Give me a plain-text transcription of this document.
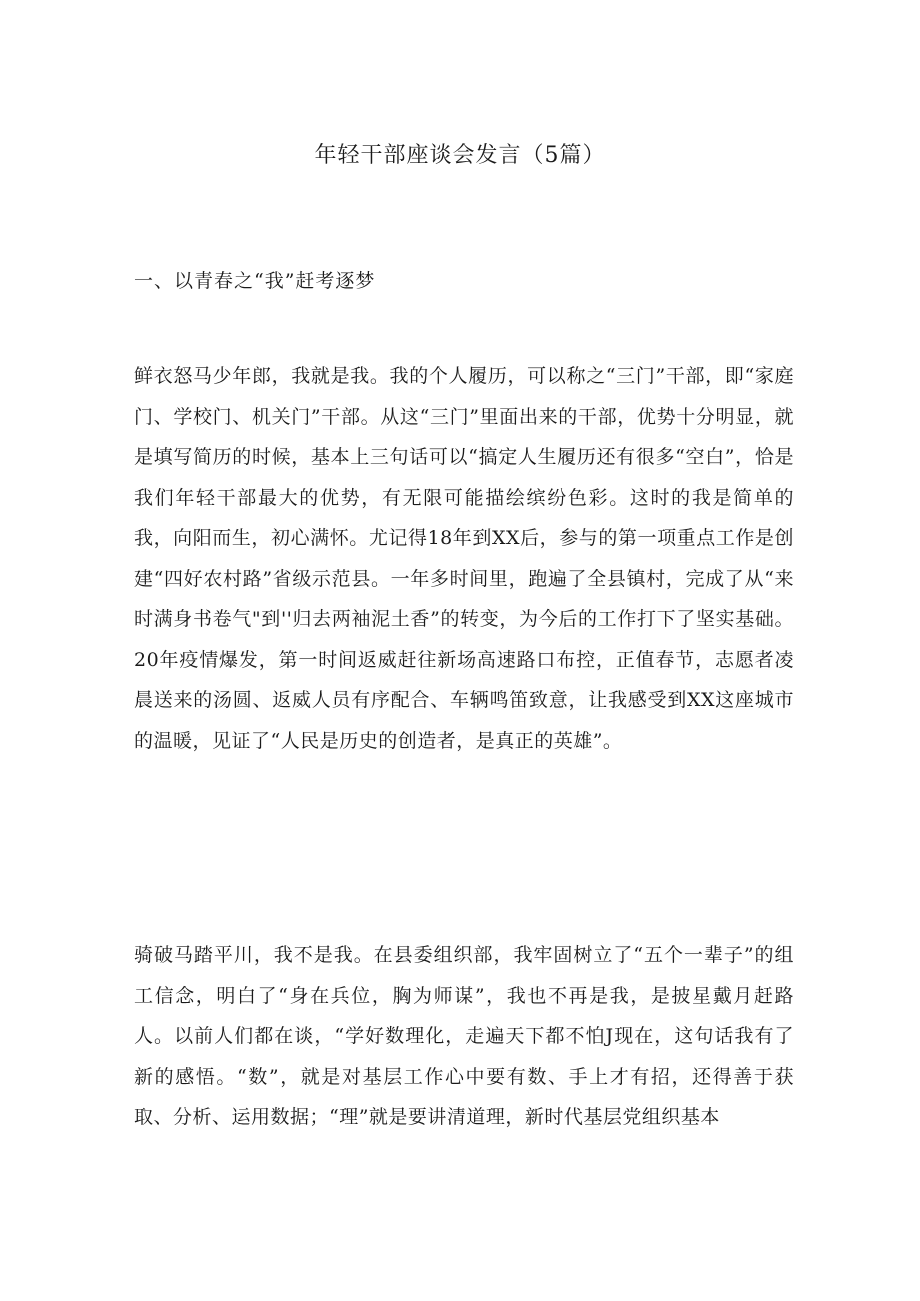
年轻干部座谈会发言（5篇）
一、以青春之“我”赶考逐梦

鲜衣怒马少年郎，我就是我。我的个人履历，可以称之“三门”干部，即“家庭门、学校门、机关门”干部。从这“三门”里面出来的干部，优势十分明显，就是填写简历的时候，基本上三句话可以“搞定人生履历还有很多“空白”，恰是我们年轻干部最大的优势，有无限可能描绘缤纷色彩。这时的我是简单的我，向阳而生，初心满怀。尤记得18年到XX后，参与的第一项重点工作是创建“四好农村路”省级示范县。一年多时间里，跑遍了全县镇村，完成了从“来时满身书卷气"到''归去两袖泥土香”的转变，为今后的工作打下了坚实基础。20年疫情爆发，第一时间返威赶往新场高速路口布控，正值春节，志愿者凌晨送来的汤圆、返威人员有序配合、车辆鸣笛致意，让我感受到XX这座城市的温暖，见证了“人民是历史的创造者，是真正的英雄”。

骑破马踏平川，我不是我。在县委组织部，我牢固树立了“五个一辈子”的组工信念，明白了“身在兵位，胸为师谋”，我也不再是我，是披星戴月赶路人。以前人们都在谈，“学好数理化，走遍天下都不怕J现在，这句话我有了新的感悟。“数”，就是对基层工作心中要有数、手上才有招，还得善于获取、分析、运用数据；“理”就是要讲清道理，新时代基层党组织基本
